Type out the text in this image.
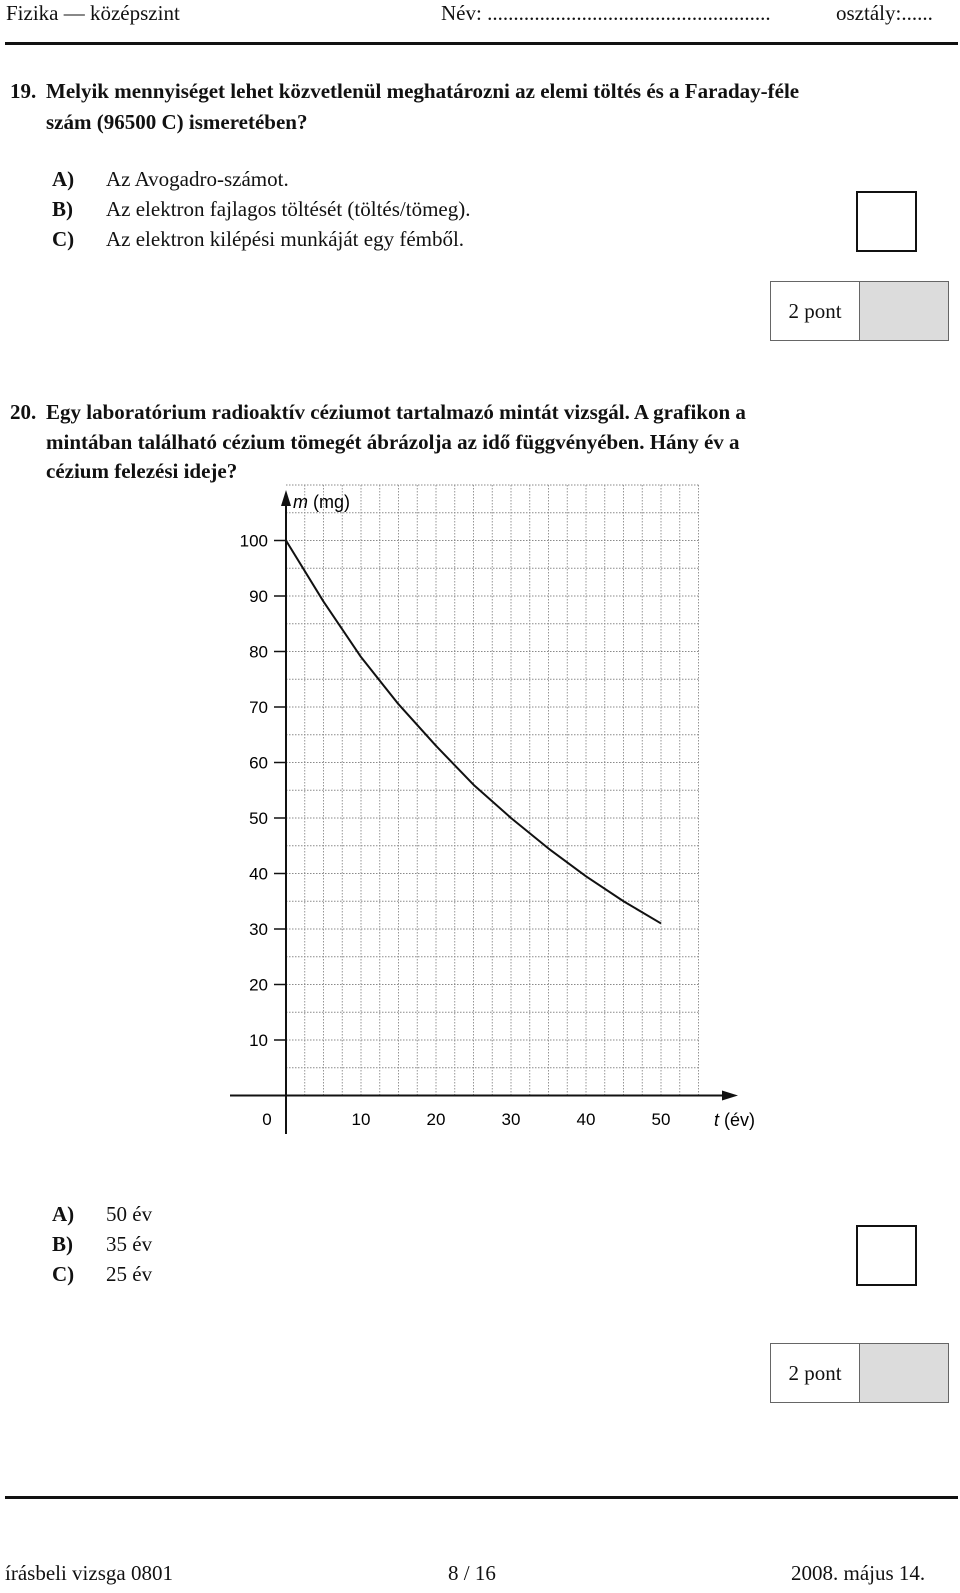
Fizika — középszint	Név: ......................................................	osztály:......
19. Melyik mennyiséget lehet közvetlenül meghatározni az elemi töltés és a Faraday-féle
szám (96500 C) ismeretében?
A) Az Avogadro-számot.
B) Az elektron fajlagos töltését (töltés/tömeg).
C) Az elektron kilépési munkáját egy fémből.
2 pont
20. Egy laboratórium radioaktív céziumot tartalmazó mintát vizsgál. A grafikon a
mintában található cézium tömegét ábrázolja az idő függvényében. Hány év a
cézium felezési ideje?
10
20
30
40
50
60
70
80
90
100
0	10	20	30	40	50
m (mg)
t (év)
A) 50 év
B) 35 év
C) 25 év
2 pont
írásbeli vizsga 0801	8 / 16	2008. május 14.
